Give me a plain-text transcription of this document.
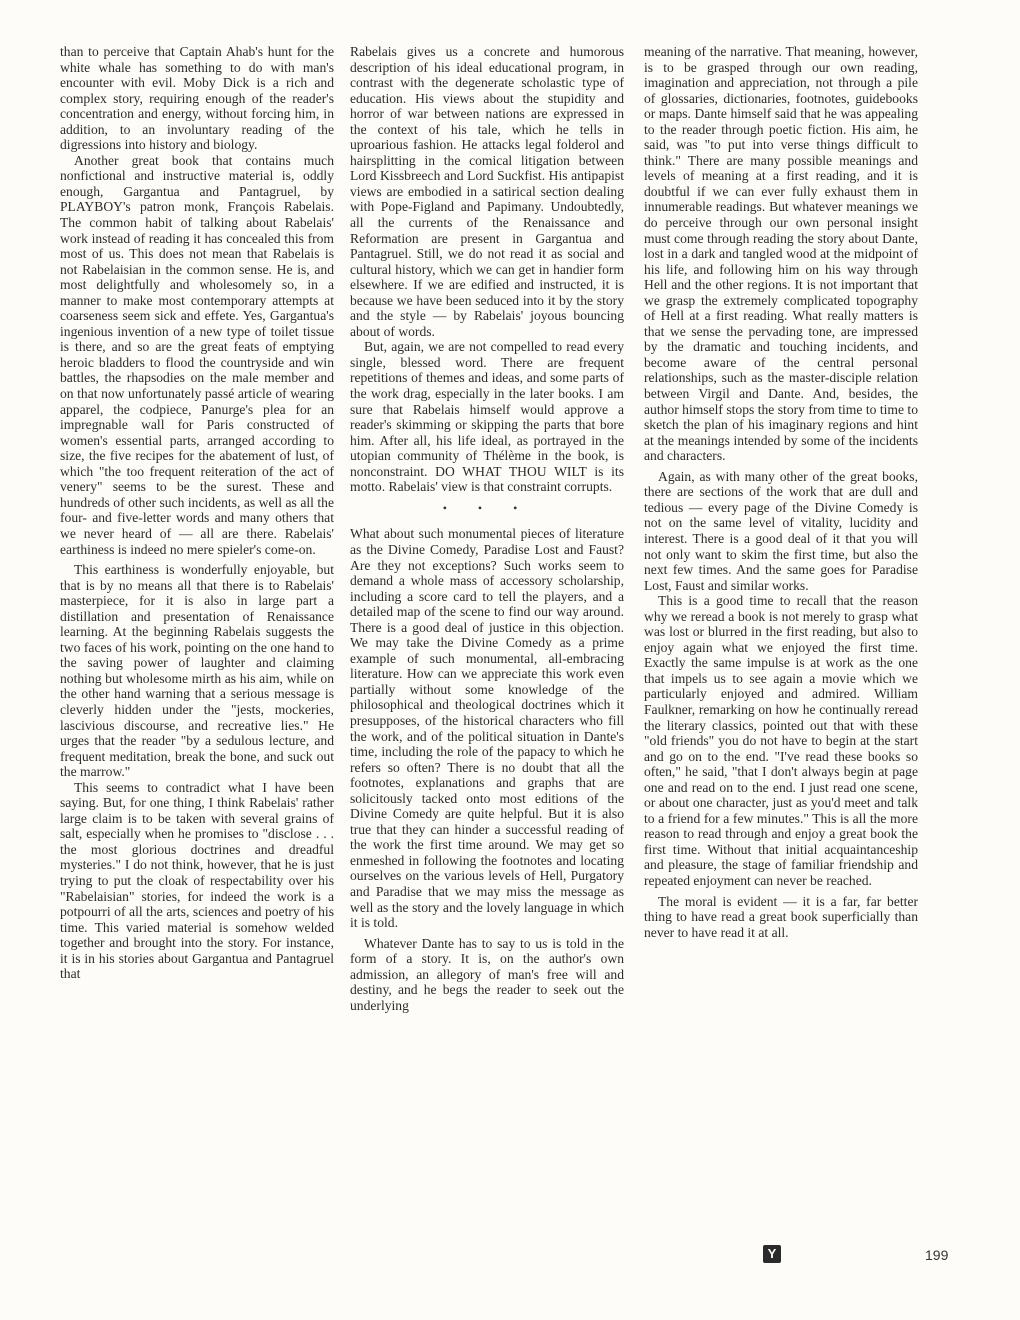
than to perceive that Captain Ahab's hunt for the white whale has something to do with man's encounter with evil. Moby Dick is a rich and complex story, requiring enough of the reader's concentration and energy, without forcing him, in addition, to an involuntary reading of the digressions into history and biology.

Another great book that contains much nonfictional and instructive material is, oddly enough, Gargantua and Pantagruel, by PLAYBOY's patron monk, François Rabelais. The common habit of talking about Rabelais' work instead of reading it has concealed this from most of us. This does not mean that Rabelais is not Rabelaisian in the common sense. He is, and most delightfully and wholesomely so, in a manner to make most contemporary attempts at coarseness seem sick and effete. Yes, Gargantua's ingenious invention of a new type of toilet tissue is there, and so are the great feats of emptying heroic bladders to flood the countryside and win battles, the rhapsodies on the male member and on that now unfortunately passé article of wearing apparel, the codpiece, Panurge's plea for an impregnable wall for Paris constructed of women's essential parts, arranged according to size, the five recipes for the abatement of lust, of which "the too frequent reiteration of the act of venery" seems to be the surest. These and hundreds of other such incidents, as well as all the four- and five-letter words and many others that we never heard of — all are there. Rabelais' earthiness is indeed no mere spieler's come-on.

This earthiness is wonderfully enjoyable, but that is by no means all that there is to Rabelais' masterpiece, for it is also in large part a distillation and presentation of Renaissance learning. At the beginning Rabelais suggests the two faces of his work, pointing on the one hand to the saving power of laughter and claiming nothing but wholesome mirth as his aim, while on the other hand warning that a serious message is cleverly hidden under the "jests, mockeries, lascivious discourse, and recreative lies." He urges that the reader "by a sedulous lecture, and frequent meditation, break the bone, and suck out the marrow."

This seems to contradict what I have been saying. But, for one thing, I think Rabelais' rather large claim is to be taken with several grains of salt, especially when he promises to "disclose . . . the most glorious doctrines and dreadful mysteries." I do not think, however, that he is just trying to put the cloak of respectability over his "Rabelaisian" stories, for indeed the work is a potpourri of all the arts, sciences and poetry of his time. This varied material is somehow welded together and brought into the story. For instance, it is in his stories about Gargantua and Pantagruel that

Rabelais gives us a concrete and humorous description of his ideal educational program, in contrast with the degenerate scholastic type of education. His views about the stupidity and horror of war between nations are expressed in the context of his tale, which he tells in uproarious fashion. He attacks legal folderol and hairsplitting in the comical litigation between Lord Kissbreech and Lord Suckfist. His antipapist views are embodied in a satirical section dealing with Pope-Figland and Papimany. Undoubtedly, all the currents of the Renaissance and Reformation are present in Gargantua and Pantagruel. Still, we do not read it as social and cultural history, which we can get in handier form elsewhere. If we are edified and instructed, it is because we have been seduced into it by the story and the style — by Rabelais' joyous bouncing about of words.

But, again, we are not compelled to read every single, blessed word. There are frequent repetitions of themes and ideas, and some parts of the work drag, especially in the later books. I am sure that Rabelais himself would approve a reader's skimming or skipping the parts that bore him. After all, his life ideal, as portrayed in the utopian community of Thélème in the book, is nonconstraint. DO WHAT THOU WILT is its motto. Rabelais' view is that constraint corrupts.

• • •

What about such monumental pieces of literature as the Divine Comedy, Paradise Lost and Faust? Are they not exceptions? Such works seem to demand a whole mass of accessory scholarship, including a score card to tell the players, and a detailed map of the scene to find our way around. There is a good deal of justice in this objection. We may take the Divine Comedy as a prime example of such monumental, all-embracing literature. How can we appreciate this work even partially without some knowledge of the philosophical and theological doctrines which it presupposes, of the historical characters who fill the work, and of the political situation in Dante's time, including the role of the papacy to which he refers so often? There is no doubt that all the footnotes, explanations and graphs that are solicitously tacked onto most editions of the Divine Comedy are quite helpful. But it is also true that they can hinder a successful reading of the work the first time around. We may get so enmeshed in following the footnotes and locating ourselves on the various levels of Hell, Purgatory and Paradise that we may miss the message as well as the story and the lovely language in which it is told.

Whatever Dante has to say to us is told in the form of a story. It is, on the author's own admission, an allegory of man's free will and destiny, and he begs the reader to seek out the underlying

meaning of the narrative. That meaning, however, is to be grasped through our own reading, imagination and appreciation, not through a pile of glossaries, dictionaries, footnotes, guidebooks or maps. Dante himself said that he was appealing to the reader through poetic fiction. His aim, he said, was "to put into verse things difficult to think." There are many possible meanings and levels of meaning at a first reading, and it is doubtful if we can ever fully exhaust them in innumerable readings. But whatever meanings we do perceive through our own personal insight must come through reading the story about Dante, lost in a dark and tangled wood at the midpoint of his life, and following him on his way through Hell and the other regions. It is not important that we grasp the extremely complicated topography of Hell at a first reading. What really matters is that we sense the pervading tone, are impressed by the dramatic and touching incidents, and become aware of the central personal relationships, such as the master-disciple relation between Virgil and Dante. And, besides, the author himself stops the story from time to time to sketch the plan of his imaginary regions and hint at the meanings intended by some of the incidents and characters.

Again, as with many other of the great books, there are sections of the work that are dull and tedious — every page of the Divine Comedy is not on the same level of vitality, lucidity and interest. There is a good deal of it that you will not only want to skim the first time, but also the next few times. And the same goes for Paradise Lost, Faust and similar works.

This is a good time to recall that the reason why we reread a book is not merely to grasp what was lost or blurred in the first reading, but also to enjoy again what we enjoyed the first time. Exactly the same impulse is at work as the one that impels us to see again a movie which we particularly enjoyed and admired. William Faulkner, remarking on how he continually reread the literary classics, pointed out that with these "old friends" you do not have to begin at the start and go on to the end. "I've read these books so often," he said, "that I don't always begin at page one and read on to the end. I just read one scene, or about one character, just as you'd meet and talk to a friend for a few minutes." This is all the more reason to read through and enjoy a great book the first time. Without that initial acquaintanceship and pleasure, the stage of familiar friendship and repeated enjoyment can never be reached.

The moral is evident — it is a far, far better thing to have read a great book superficially than never to have read it at all.

Y	199
